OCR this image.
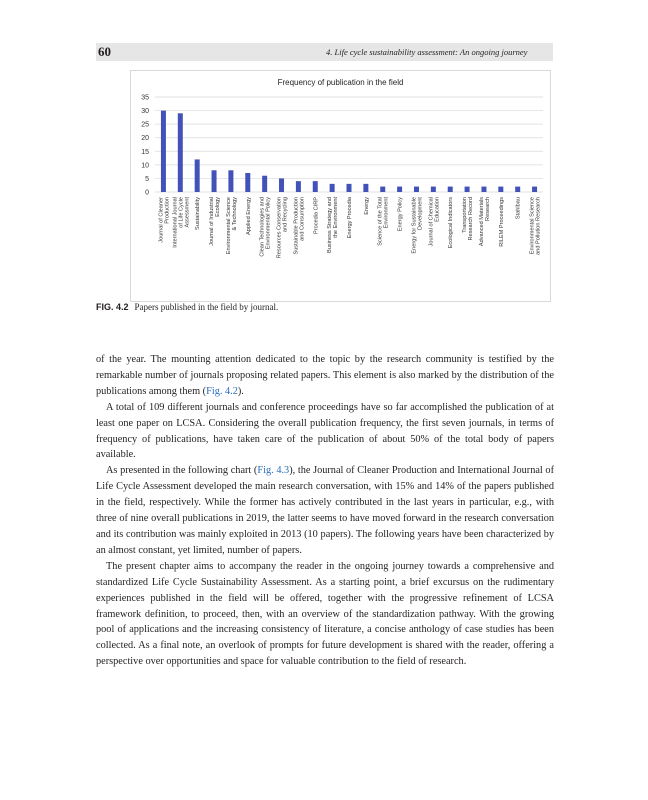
60	4. Life cycle sustainability assessment: An ongoing journey
Frequency of publication in the field
0
5
10
15
20
25
30
35
Journal of CleanerProduction International Journalof Life CycleAssessment Sustainability Journal of IndustrialEcology Environmental Science& Technology Applied Energy Clean Technologies andEnvironmental Policy Resources Conservationand Recycling Sustainable Productionand Consumption Procedia CIRP Business Strategy andthe Environment Energy Procedia Energy Science of the TotalEnvironment Energy Policy Energy for SustainableDevelopment Journal of ChemicalEducation Ecological Indicators TransportationResearch Record Advanced MaterialsResearch RILEM Proceedings Stahlbau Environmental Scienceand Pollution Research
FIG. 4.2 Papers published in the field by journal.

of the year. The mounting attention dedicated to the topic by the research community is testified by the remarkable number of journals proposing related papers. This element is also marked by the distribution of the publications among them (Fig. 4.2).

A total of 109 different journals and conference proceedings have so far accomplished the publication of at least one paper on LCSA. Considering the overall publication frequency, the first seven journals, in terms of frequency of publications, have taken care of the publication of about 50% of the total body of papers available.

As presented in the following chart (Fig. 4.3), the Journal of Cleaner Production and International Journal of Life Cycle Assessment developed the main research conversation, with 15% and 14% of the papers published in the field, respectively. While the former has actively contributed in the last years in particular, e.g., with three of nine overall publications in 2019, the latter seems to have moved forward in the research conversation and its contribution was mainly exploited in 2013 (10 papers). The following years have been characterized by an almost constant, yet limited, number of papers.

The present chapter aims to accompany the reader in the ongoing journey towards a comprehensive and standardized Life Cycle Sustainability Assessment. As a starting point, a brief excursus on the rudimentary experiences published in the field will be offered, together with the progressive refinement of LCSA framework definition, to proceed, then, with an overview of the standardization pathway. With the growing pool of applications and the increasing consistency of literature, a concise anthology of case studies has been collected. As a final note, an overlook of prompts for future development is shared with the reader, offering a perspective over opportunities and space for valuable contribution to the field of research.
